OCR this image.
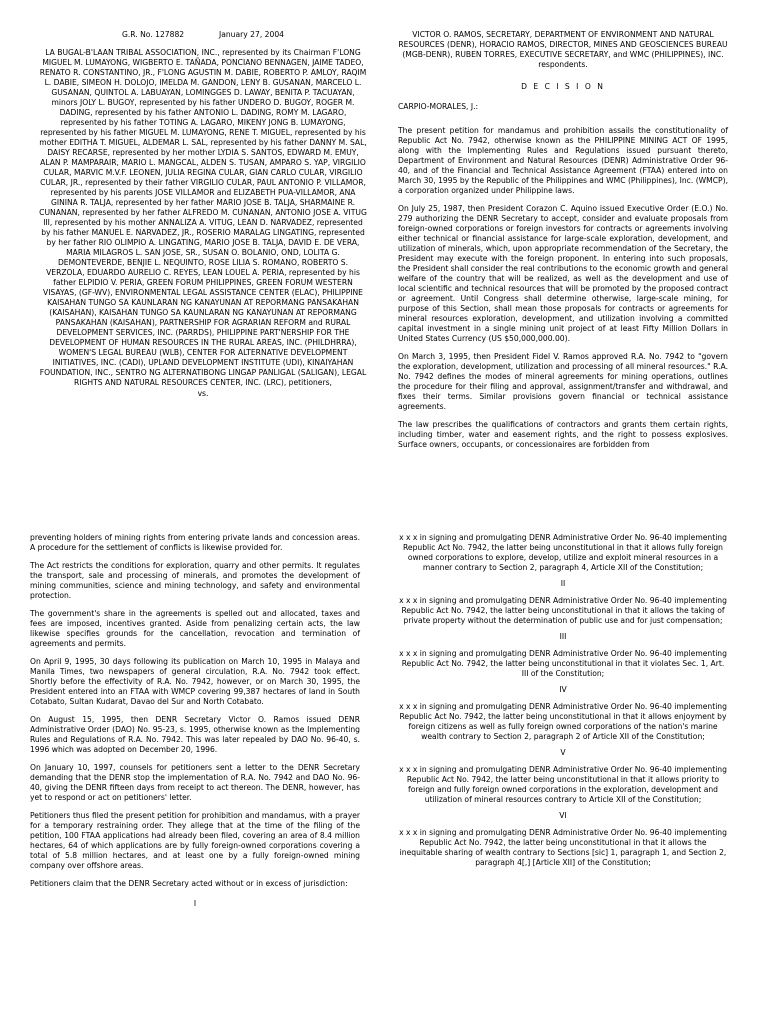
G.R. No. 127882	January 27, 2004
LA BUGAL-B'LAAN TRIBAL ASSOCIATION, INC., represented by its Chairman F'LONG MIGUEL M. LUMAYONG, WIGBERTO E. TAÑADA, PONCIANO BENNAGEN, JAIME TADEO, RENATO R. CONSTANTINO, JR., F'LONG AGUSTIN M. DABIE, ROBERTO P. AMLOY, RAQIM L. DABIE, SIMEON H. DOLOJO, IMELDA M. GANDON, LENY B. GUSANAN, MARCELO L. GUSANAN, QUINTOL A. LABUAYAN, LOMINGGES D. LAWAY, BENITA P. TACUAYAN, minors JOLY L. BUGOY, represented by his father UNDERO D. BUGOY, ROGER M. DADING, represented by his father ANTONIO L. DADING, ROMY M. LAGARO, represented by his father TOTING A. LAGARO, MIKENY JONG B. LUMAYONG, represented by his father MIGUEL M. LUMAYONG, RENE T. MIGUEL, represented by his mother EDITHA T. MIGUEL, ALDEMAR L. SAL, represented by his father DANNY M. SAL, DAISY RECARSE, represented by her mother LYDIA S. SANTOS, EDWARD M. EMUY, ALAN P. MAMPARAIR, MARIO L. MANGCAL, ALDEN S. TUSAN, AMPARO S. YAP, VIRGILIO CULAR, MARVIC M.V.F. LEONEN, JULIA REGINA CULAR, GIAN CARLO CULAR, VIRGILIO CULAR, JR., represented by their father VIRGILIO CULAR, PAUL ANTONIO P. VILLAMOR, represented by his parents JOSE VILLAMOR and ELIZABETH PUA-VILLAMOR, ANA GININA R. TALJA, represented by her father MARIO JOSE B. TALJA, SHARMAINE R. CUNANAN, represented by her father ALFREDO M. CUNANAN, ANTONIO JOSE A. VITUG III, represented by his mother ANNALIZA A. VITUG, LEAN D. NARVADEZ, represented by his father MANUEL E. NARVADEZ, JR., ROSERIO MARALAG LINGATING, represented by her father RIO OLIMPIO A. LINGATING, MARIO JOSE B. TALJA, DAVID E. DE VERA, MARIA MILAGROS L. SAN JOSE, SR., SUSAN O. BOLANIO, OND, LOLITA G. DEMONTEVERDE, BENJIE L. NEQUINTO, ROSE LILIA S. ROMANO, ROBERTO S. VERZOLA, EDUARDO AURELIO C. REYES, LEAN LOUEL A. PERIA, represented by his father ELPIDIO V. PERIA, GREEN FORUM PHILIPPINES, GREEN FORUM WESTERN VISAYAS, (GF-WV), ENVIRONMENTAL LEGAL ASSISTANCE CENTER (ELAC), PHILIPPINE KAISAHAN TUNGO SA KAUNLARAN NG KANAYUNAN AT REPORMANG PANSAKAHAN (KAISAHAN), KAISAHAN TUNGO SA KAUNLARAN NG KANAYUNAN AT REPORMANG PANSAKAHAN (KAISAHAN), PARTNERSHIP FOR AGRARIAN REFORM and RURAL DEVELOPMENT SERVICES, INC. (PARRDS), PHILIPPINE PART'NERSHIP FOR THE DEVELOPMENT OF HUMAN RESOURCES IN THE RURAL AREAS, INC. (PHILDHRRA), WOMEN'S LEGAL BUREAU (WLB), CENTER FOR ALTERNATIVE DEVELOPMENT INITIATIVES, INC. (CADI), UPLAND DEVELOPMENT INSTITUTE (UDI), KINAIYAHAN FOUNDATION, INC., SENTRO NG ALTERNATIBONG LINGAP PANLIGAL (SALIGAN), LEGAL RIGHTS AND NATURAL RESOURCES CENTER, INC. (LRC), petitioners,
vs.
VICTOR O. RAMOS, SECRETARY, DEPARTMENT OF ENVIRONMENT AND NATURAL RESOURCES (DENR), HORACIO RAMOS, DIRECTOR, MINES AND GEOSCIENCES BUREAU (MGB-DENR), RUBEN TORRES, EXECUTIVE SECRETARY, and WMC (PHILIPPINES), INC. respondents.
D E C I S I O N
CARPIO-MORALES, J.:

The present petition for mandamus and prohibition assails the constitutionality of Republic Act No. 7942, otherwise known as the PHILIPPINE MINING ACT OF 1995, along with the Implementing Rules and Regulations issued pursuant thereto, Department of Environment and Natural Resources (DENR) Administrative Order 96-40, and of the Financial and Technical Assistance Agreement (FTAA) entered into on March 30, 1995 by the Republic of the Philippines and WMC (Philippines), Inc. (WMCP), a corporation organized under Philippine laws.

On July 25, 1987, then President Corazon C. Aquino issued Executive Order (E.O.) No. 279 authorizing the DENR Secretary to accept, consider and evaluate proposals from foreign-owned corporations or foreign investors for contracts or agreements involving either technical or financial assistance for large-scale exploration, development, and utilization of minerals, which, upon appropriate recommendation of the Secretary, the President may execute with the foreign proponent. In entering into such proposals, the President shall consider the real contributions to the economic growth and general welfare of the country that will be realized, as well as the development and use of local scientific and technical resources that will be promoted by the proposed contract or agreement. Until Congress shall determine otherwise, large-scale mining, for purpose of this Section, shall mean those proposals for contracts or agreements for mineral resources exploration, development, and utilization involving a committed capital investment in a single mining unit project of at least Fifty Million Dollars in United States Currency (US $50,000,000.00).

On March 3, 1995, then President Fidel V. Ramos approved R.A. No. 7942 to "govern the exploration, development, utilization and processing of all mineral resources." R.A. No. 7942 defines the modes of mineral agreements for mining operations, outlines the procedure for their filing and approval, assignment/transfer and withdrawal, and fixes their terms. Similar provisions govern financial or technical assistance agreements.

The law prescribes the qualifications of contractors and grants them certain rights, including timber, water and easement rights, and the right to possess explosives. Surface owners, occupants, or concessionaires are forbidden from

preventing holders of mining rights from entering private lands and concession areas. A procedure for the settlement of conflicts is likewise provided for.

The Act restricts the conditions for exploration, quarry and other permits. It regulates the transport, sale and processing of minerals, and promotes the development of mining communities, science and mining technology, and safety and environmental protection.

The government's share in the agreements is spelled out and allocated, taxes and fees are imposed, incentives granted. Aside from penalizing certain acts, the law likewise specifies grounds for the cancellation, revocation and termination of agreements and permits.

On April 9, 1995, 30 days following its publication on March 10, 1995 in Malaya and Manila Times, two newspapers of general circulation, R.A. No. 7942 took effect. Shortly before the effectivity of R.A. No. 7942, however, or on March 30, 1995, the President entered into an FTAA with WMCP covering 99,387 hectares of land in South Cotabato, Sultan Kudarat, Davao del Sur and North Cotabato.

On August 15, 1995, then DENR Secretary Victor O. Ramos issued DENR Administrative Order (DAO) No. 95-23, s. 1995, otherwise known as the Implementing Rules and Regulations of R.A. No. 7942. This was later repealed by DAO No. 96-40, s. 1996 which was adopted on December 20, 1996.

On January 10, 1997, counsels for petitioners sent a letter to the DENR Secretary demanding that the DENR stop the implementation of R.A. No. 7942 and DAO No. 96-40, giving the DENR fifteen days from receipt to act thereon. The DENR, however, has yet to respond or act on petitioners' letter.

Petitioners thus filed the present petition for prohibition and mandamus, with a prayer for a temporary restraining order. They allege that at the time of the filing of the petition, 100 FTAA applications had already been filed, covering an area of 8.4 million hectares, 64 of which applications are by fully foreign-owned corporations covering a total of 5.8 million hectares, and at least one by a fully foreign-owned mining company over offshore areas.

Petitioners claim that the DENR Secretary acted without or in excess of jurisdiction:

I
x x x in signing and promulgating DENR Administrative Order No. 96-40 implementing Republic Act No. 7942, the latter being unconstitutional in that it allows fully foreign owned corporations to explore, develop, utilize and exploit mineral resources in a manner contrary to Section 2, paragraph 4, Article XII of the Constitution;
II
x x x in signing and promulgating DENR Administrative Order No. 96-40 implementing Republic Act No. 7942, the latter being unconstitutional in that it allows the taking of private property without the determination of public use and for just compensation;
III
x x x in signing and promulgating DENR Administrative Order No. 96-40 implementing Republic Act No. 7942, the latter being unconstitutional in that it violates Sec. 1, Art. III of the Constitution;
IV
x x x in signing and promulgating DENR Administrative Order No. 96-40 implementing Republic Act No. 7942, the latter being unconstitutional in that it allows enjoyment by foreign citizens as well as fully foreign owned corporations of the nation's marine wealth contrary to Section 2, paragraph 2 of Article XII of the Constitution;
V
x x x in signing and promulgating DENR Administrative Order No. 96-40 implementing Republic Act No. 7942, the latter being unconstitutional in that it allows priority to foreign and fully foreign owned corporations in the exploration, development and utilization of mineral resources contrary to Article XII of the Constitution;
VI
x x x in signing and promulgating DENR Administrative Order No. 96-40 implementing Republic Act No. 7942, the latter being unconstitutional in that it allows the inequitable sharing of wealth contrary to Sections [sic] 1, paragraph 1, and Section 2, paragraph 4[,] [Article XII] of the Constitution;
